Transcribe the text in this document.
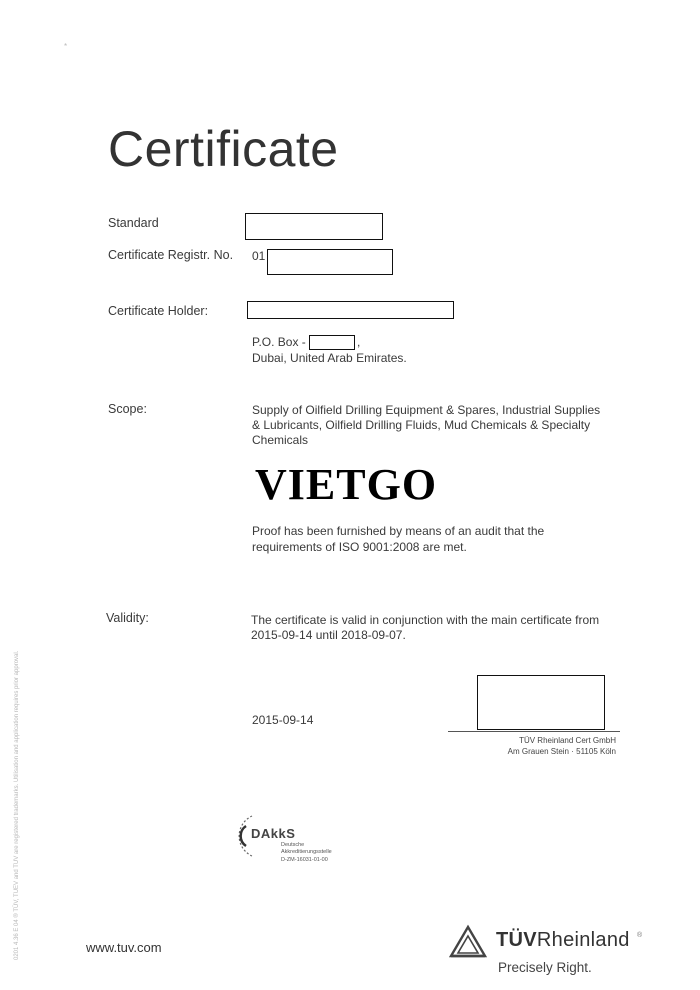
*
Certificate
Standard
Certificate Registr. No. 01
Certificate Holder:
P.O. Box -	,
Dubai, United Arab Emirates.
Scope:	Supply of Oilfield Drilling Equipment & Spares, Industrial Supplies
& Lubricants, Oilfield Drilling Fluids, Mud Chemicals & Specialty
Chemicals
VIETGO
Proof has been furnished by means of an audit that the
requirements of ISO 9001:2008 are met.
Validity:	The certificate is valid in conjunction with the main certificate from
2015-09-14 until 2018-09-07.
2015-09-14
TÜV Rheinland Cert GmbH
Am Grauen Stein · 51105 Köln
DAkkS
Deutsche
Akkreditierungsstelle
D-ZM-16031-01-00
0201 4.36 E 04 ® TÜV, TUEV and TUV are registered trademarks. Utilisation and application requires prior approval.	www.tuv.com	TÜVRheinland ®
Precisely Right.
